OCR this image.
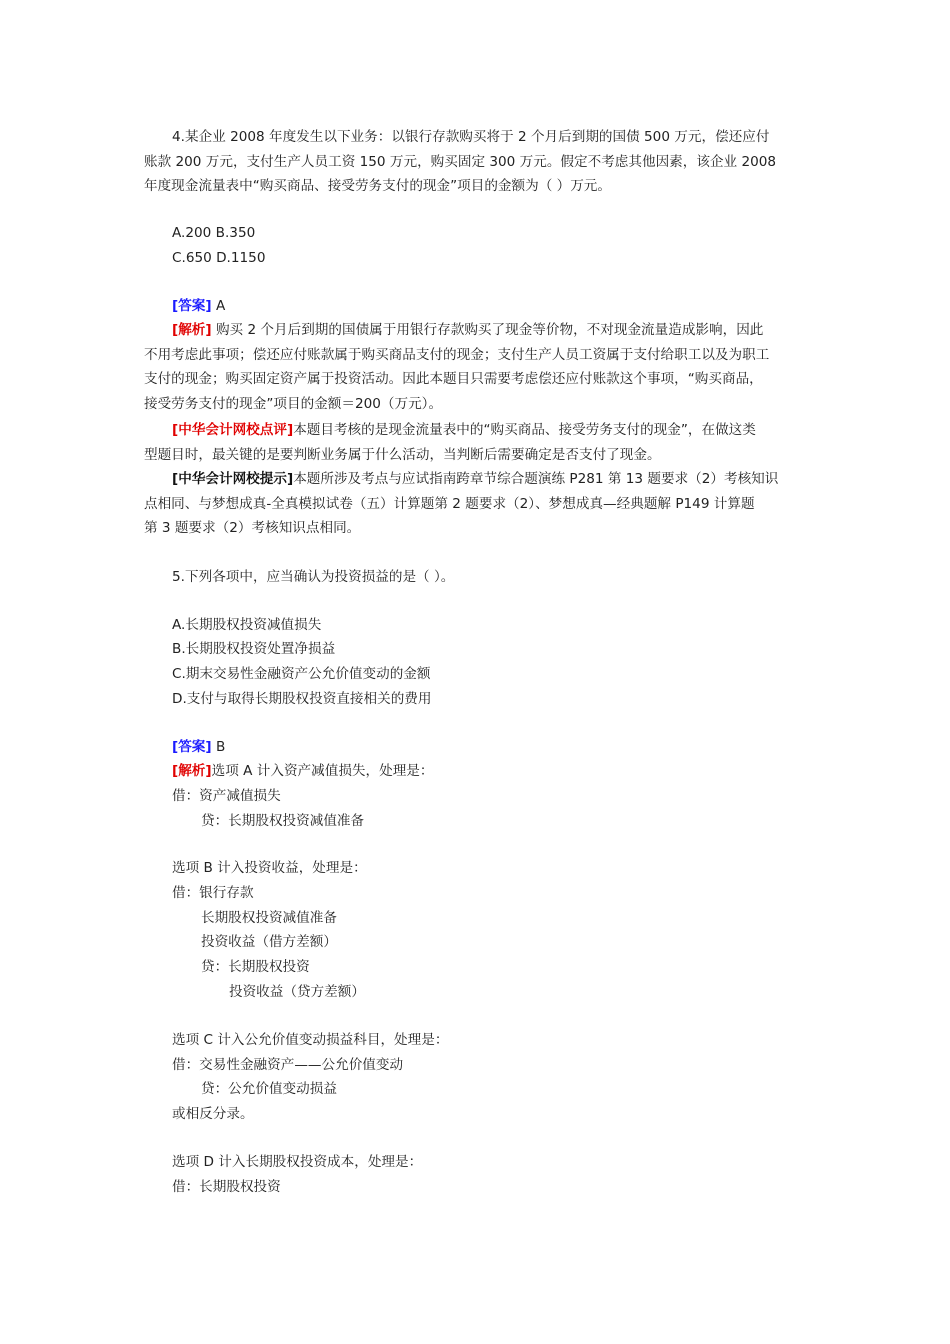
4.某企业 2008 年度发生以下业务：以银行存款购买将于 2 个月后到期的国债 500 万元，偿还应付
账款 200 万元，支付生产人员工资 150 万元，购买固定 300 万元。假定不考虑其他因素，该企业 2008
年度现金流量表中“购买商品、接受劳务支付的现金”项目的金额为（ ）万元。
A.200 B.350
C.650 D.1150
[答案] A
[解析] 购买 2 个月后到期的国债属于用银行存款购买了现金等价物，不对现金流量造成影响，因此
不用考虑此事项；偿还应付账款属于购买商品支付的现金；支付生产人员工资属于支付给职工以及为职工
支付的现金；购买固定资产属于投资活动。因此本题目只需要考虑偿还应付账款这个事项，“购买商品，
接受劳务支付的现金”项目的金额＝200（万元）。
[中华会计网校点评]本题目考核的是现金流量表中的“购买商品、接受劳务支付的现金”，在做这类
型题目时，最关键的是要判断业务属于什么活动，当判断后需要确定是否支付了现金。
[中华会计网校提示]本题所涉及考点与应试指南跨章节综合题演练 P281 第 13 题要求（2）考核知识
点相同、与梦想成真-全真模拟试卷（五）计算题第 2 题要求（2）、梦想成真—经典题解 P149 计算题
第 3 题要求（2）考核知识点相同。
5.下列各项中，应当确认为投资损益的是（ ）。
A.长期股权投资减值损失
B.长期股权投资处置净损益
C.期末交易性金融资产公允价值变动的金额
D.支付与取得长期股权投资直接相关的费用
[答案] B
[解析]选项 A 计入资产减值损失，处理是：
借：资产减值损失
贷：长期股权投资减值准备
选项 B 计入投资收益，处理是：
借：银行存款
长期股权投资减值准备
投资收益（借方差额）
贷：长期股权投资
投资收益（贷方差额）
选项 C 计入公允价值变动损益科目，处理是：
借：交易性金融资产——公允价值变动
贷：公允价值变动损益
或相反分录。
选项 D 计入长期股权投资成本，处理是：
借：长期股权投资
